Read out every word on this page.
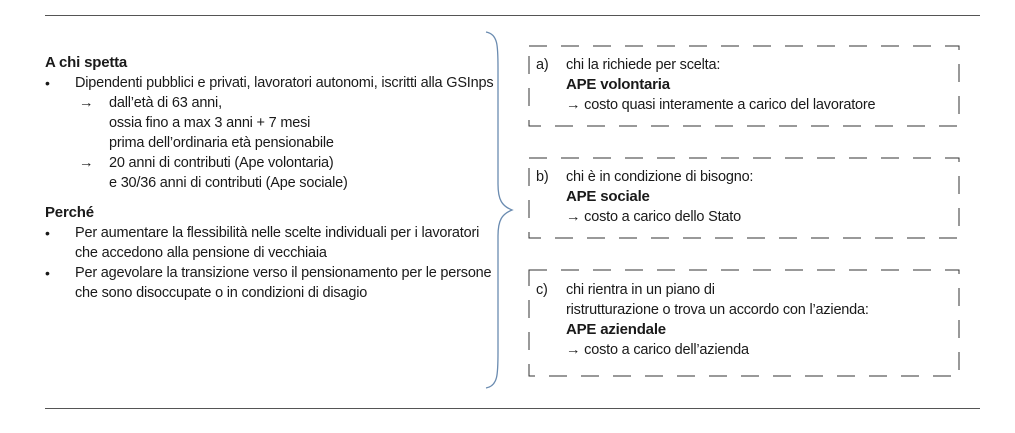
A chi spetta

• Dipendenti pubblici e privati, lavoratori autonomi, iscritti alla GSInps
→ dall’età di 63 anni,
ossia fino a max 3 anni + 7 mesi
prima dell’ordinaria età pensionabile
→ 20 anni di contributi (Ape volontaria)
e 30/36 anni di contributi (Ape sociale)

Perché

• Per aumentare la flessibilità nelle scelte individuali per i lavoratori che accedono alla pensione di vecchiaia
• Per agevolare la transizione verso il pensionamento per le persone che sono disoccupate o in condizioni di disagio
a) chi la richiede per scelta:
APE volontaria
→ costo quasi interamente a carico del lavoratore
b) chi è in condizione di bisogno:
APE sociale
→ costo a carico dello Stato
c) chi rientra in un piano di
ristrutturazione o trova un accordo con l’azienda:
APE aziendale
→ costo a carico dell’azienda
